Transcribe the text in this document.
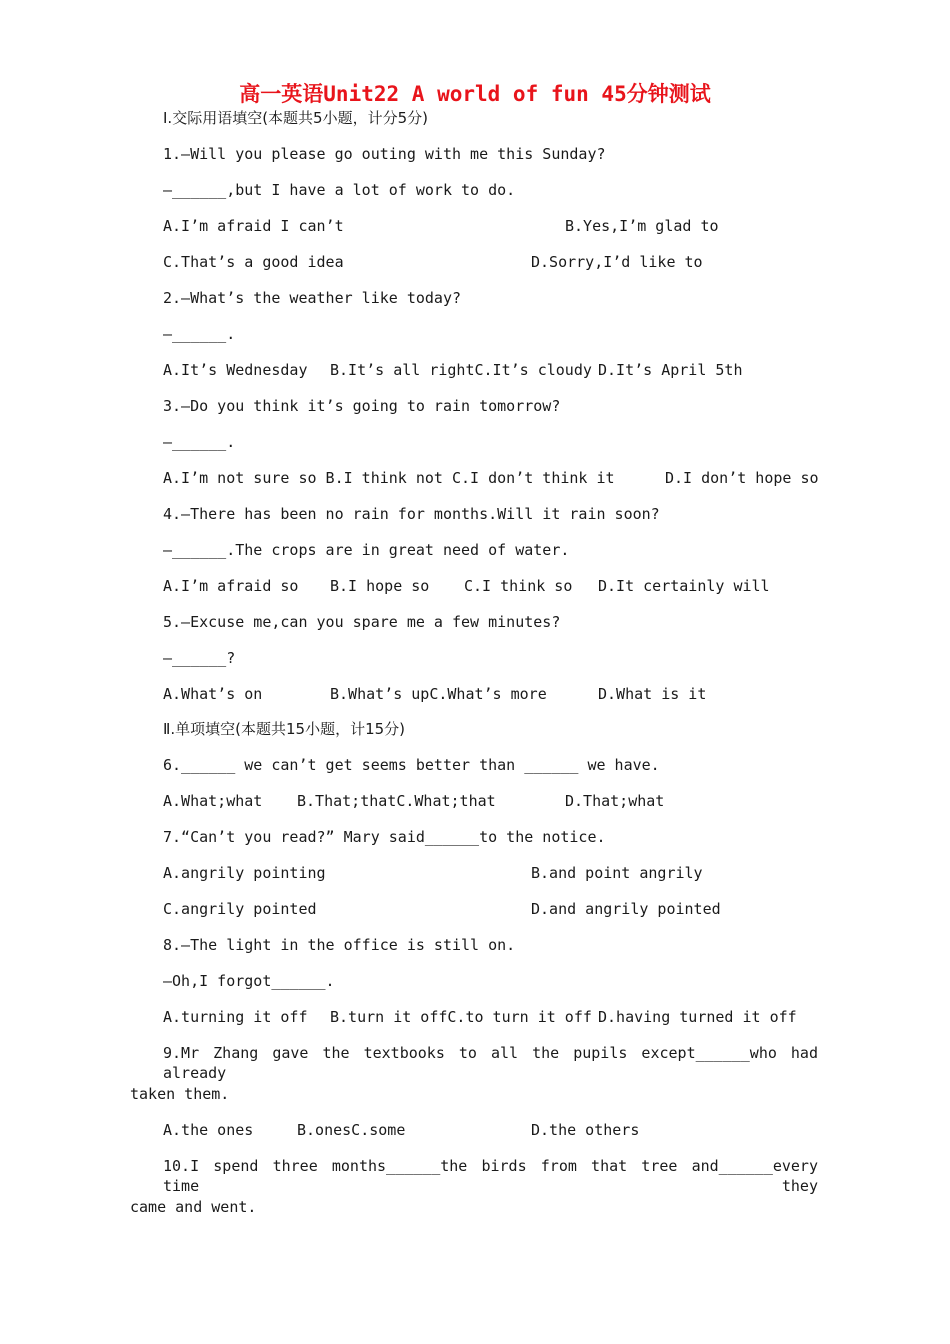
高一英语Unit22 A world of fun 45分钟测试
Ⅰ.交际用语填空(本题共5小题，计分5分)
1.—Will you please go outing with me this Sunday?
—______,but I have a lot of work to do.
A.I’m afraid I can’t	B.Yes,I’m glad to
C.That’s a good idea	D.Sorry,I’d like to
2.—What’s the weather like today?
—______.
A.It’s Wednesday B.It’s all rightC.It’s cloudy D.It’s April 5th
3.—Do you think it’s going to rain tomorrow?
—______.
A.I’m not sure so B.I think not C.I don’t think it	D.I don’t hope so
4.—There has been no rain for months.Will it rain soon?
—______.The crops are in great need of water.
A.I’m afraid so B.I hope so C.I think so D.It certainly will
5.—Excuse me,can you spare me a few minutes?
—______?
A.What’s on	B.What’s upC.What’s more	D.What is it
Ⅱ.单项填空(本题共15小题，计15分)
6.______ we can’t get seems better than ______ we have.
A.What;what B.That;thatC.What;that	D.That;what
7.“Can’t you read?” Mary said______to the notice.
A.angrily pointing	B.and point angrily
C.angrily pointed	D.and angrily pointed
8.—The light in the office is still on.
—Oh,I forgot______.
A.turning it off B.turn it offC.to turn it off D.having turned it off
9.Mr Zhang gave the textbooks to all the pupils except______who had already
taken them.
A.the ones	B.onesC.some	D.the others
10.I spend three months______the birds from that tree and______every time they
came and went.
